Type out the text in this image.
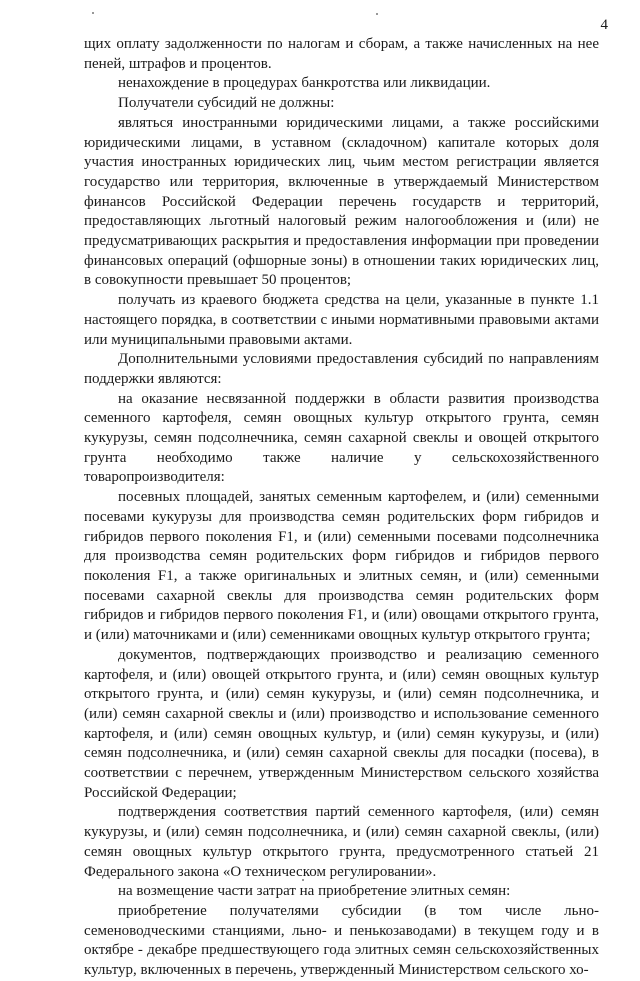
4

щих оплату задолженности по налогам и сборам, а также начисленных на нее пеней, штрафов и процентов.

ненахождение в процедурах банкротства или ликвидации.

Получатели субсидий не должны:

являться иностранными юридическими лицами, а также российскими юридическими лицами, в уставном (складочном) капитале которых доля участия иностранных юридических лиц, чьим местом регистрации является государство или территория, включенные в утверждаемый Министерством финансов Российской Федерации перечень государств и территорий, предоставляющих льготный налоговый режим налогообложения и (или) не предусматривающих раскрытия и предоставления информации при проведении финансовых операций (офшорные зоны) в отношении таких юридических лиц, в совокупности превышает 50 процентов;

получать из краевого бюджета средства на цели, указанные в пункте 1.1 настоящего порядка, в соответствии с иными нормативными правовыми актами или муниципальными правовыми актами.

Дополнительными условиями предоставления субсидий по направлениям поддержки являются:

на оказание несвязанной поддержки в области развития производства семенного картофеля, семян овощных культур открытого грунта, семян кукурузы, семян подсолнечника, семян сахарной свеклы и овощей открытого грунта необходимо также наличие у сельскохозяйственного товаропроизводителя:

посевных площадей, занятых семенным картофелем, и (или) семенными посевами кукурузы для производства семян родительских форм гибридов и гибридов первого поколения F1, и (или) семенными посевами подсолнечника для производства семян родительских форм гибридов и гибридов первого поколения F1, а также оригинальных и элитных семян, и (или) семенными посевами сахарной свеклы для производства семян родительских форм гибридов и гибридов первого поколения F1, и (или) овощами открытого грунта, и (или) маточниками и (или) семенниками овощных культур открытого грунта;

документов, подтверждающих производство и реализацию семенного картофеля, и (или) овощей открытого грунта, и (или) семян овощных культур открытого грунта, и (или) семян кукурузы, и (или) семян подсолнечника, и (или) семян сахарной свеклы и (или) производство и использование семенного картофеля, и (или) семян овощных культур, и (или) семян кукурузы, и (или) семян подсолнечника, и (или) семян сахарной свеклы для посадки (посева), в соответствии с перечнем, утвержденным Министерством сельского хозяйства Российской Федерации;

подтверждения соответствия партий семенного картофеля, (или) семян кукурузы, и (или) семян подсолнечника, и (или) семян сахарной свеклы, (или) семян овощных культур открытого грунта, предусмотренного статьей 21 Федерального закона «О техническом регулировании».

на возмещение части затрат на приобретение элитных семян:

приобретение получателями субсидии (в том числе льно-семеноводческими станциями, льно- и пенькозаводами) в текущем году и в октябре - декабре предшествующего года элитных семян сельскохозяйственных культур, включенных в перечень, утвержденный Министерством сельского хо-
